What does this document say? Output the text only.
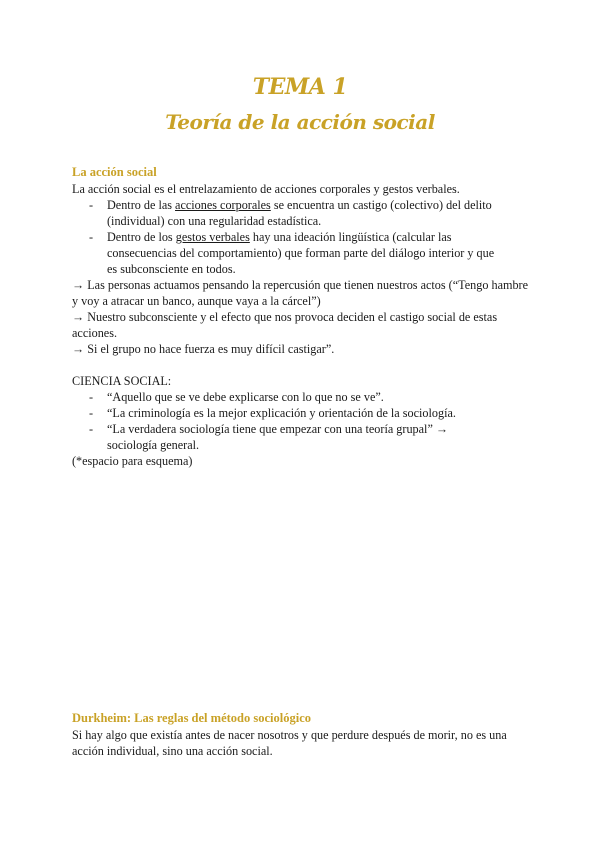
TEMA 1
Teoría de la acción social
La acción social
La acción social es el entrelazamiento de acciones corporales y gestos verbales.
- Dentro de las acciones corporales se encuentra un castigo (colectivo) del delito (individual) con una regularidad estadística.
- Dentro de los gestos verbales hay una ideación lingüística (calcular las consecuencias del comportamiento) que forman parte del diálogo interior y que es subconsciente en todos.
→ Las personas actuamos pensando la repercusión que tienen nuestros actos (“Tengo hambre y voy a atracar un banco, aunque vaya a la cárcel”)
→ Nuestro subconsciente y el efecto que nos provoca deciden el castigo social de estas acciones.
→ Si el grupo no hace fuerza es muy difícil castigar”.
CIENCIA SOCIAL:
- “Aquello que se ve debe explicarse con lo que no se ve”.
- “La criminología es la mejor explicación y orientación de la sociología.
- “La verdadera sociología tiene que empezar con una teoría grupal” → sociología general.
(*espacio para esquema)
Durkheim: Las reglas del método sociológico
Si hay algo que existía antes de nacer nosotros y que perdure después de morir, no es una acción individual, sino una acción social.
